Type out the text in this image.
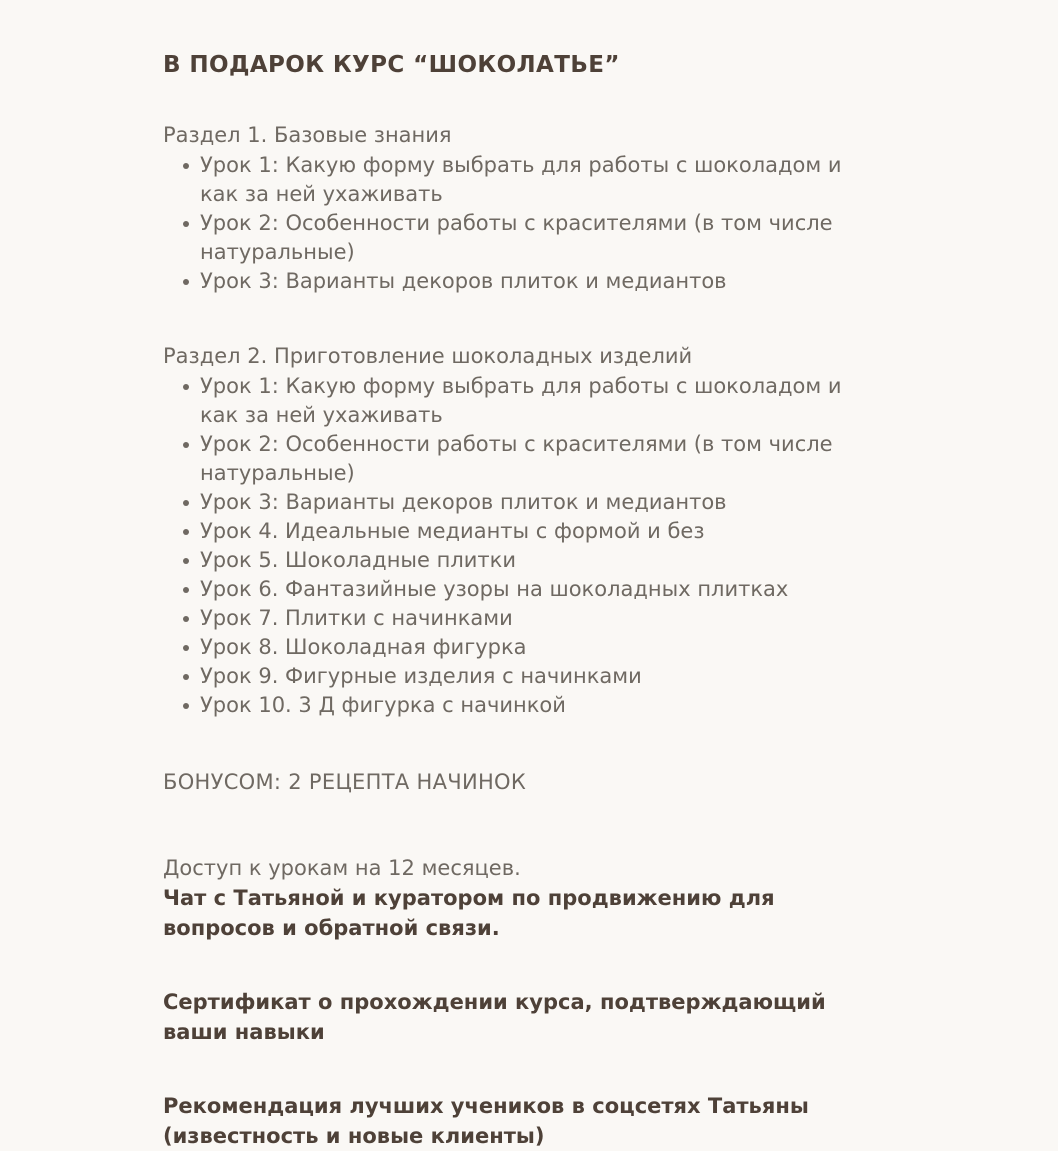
В ПОДАРОК КУРС “ШОКОЛАТЬЕ”
Раздел 1. Базовые знания
Урок 1: Какую форму выбрать для работы с шоколадом и как за ней ухаживать
Урок 2: Особенности работы с красителями (в том числе натуральные)
Урок 3: Варианты декоров плиток и медиантов
Раздел 2. Приготовление шоколадных изделий
Урок 1: Какую форму выбрать для работы с шоколадом и как за ней ухаживать
Урок 2: Особенности работы с красителями (в том числе натуральные)
Урок 3: Варианты декоров плиток и медиантов
Урок 4. Идеальные медианты с формой и без
Урок 5. Шоколадные плитки
Урок 6. Фантазийные узоры на шоколадных плитках
Урок 7. Плитки с начинками
Урок 8. Шоколадная фигурка
Урок 9. Фигурные изделия с начинками
Урок 10. 3 Д фигурка с начинкой

БОНУСОМ: 2 РЕЦЕПТА НАЧИНОК

Доступ к урокам на 12 месяцев.

Чат с Татьяной и куратором по продвижению для вопросов и обратной связи.

Сертификат о прохождении курса, подтверждающий ваши навыки

Рекомендация лучших учеников в соцсетях Татьяны (известность и новые клиенты)
